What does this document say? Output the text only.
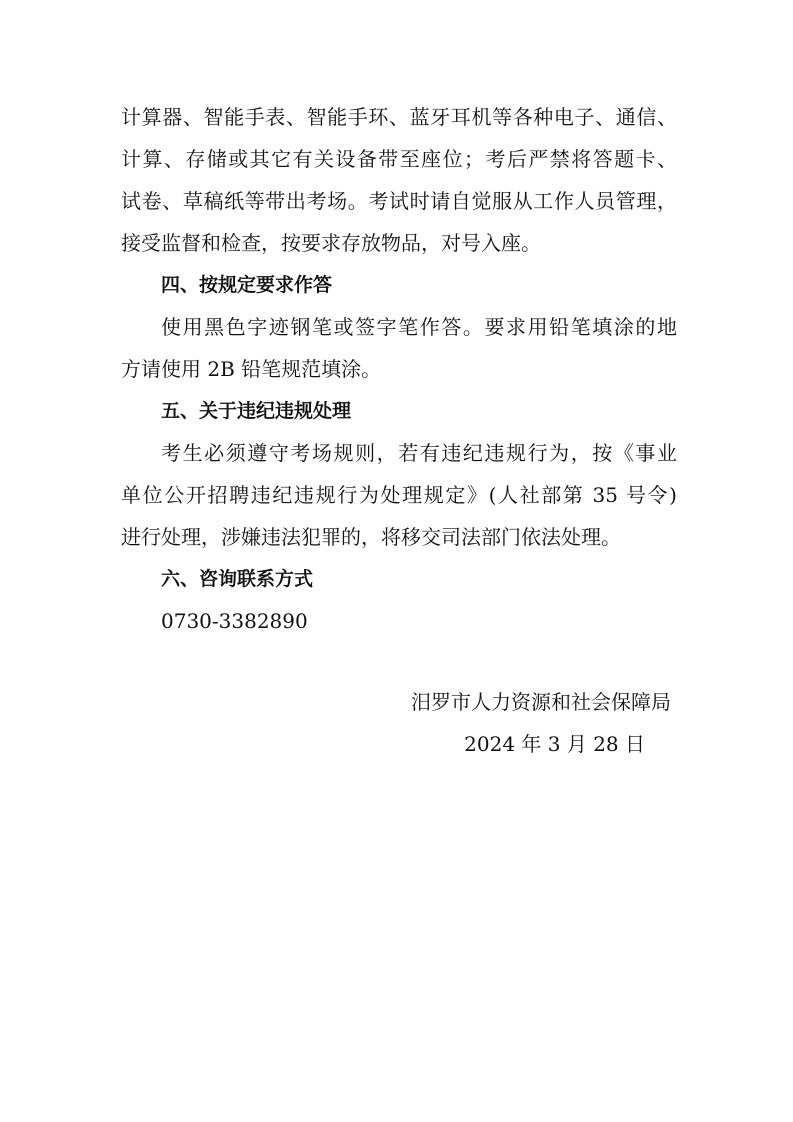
计算器、智能手表、智能手环、蓝牙耳机等各种电子、通信、
计算、存储或其它有关设备带至座位；考后严禁将答题卡、
试卷、草稿纸等带出考场。考试时请自觉服从工作人员管理，
接受监督和检查，按要求存放物品，对号入座。
四、按规定要求作答
使用黑色字迹钢笔或签字笔作答。要求用铅笔填涂的地
方请使用 2B 铅笔规范填涂。
五、关于违纪违规处理
考生必须遵守考场规则，若有违纪违规行为，按《事业
单位公开招聘违纪违规行为处理规定》(人社部第 35 号令)
进行处理，涉嫌违法犯罪的，将移交司法部门依法处理。
六、咨询联系方式
0730-3382890
汨罗市人力资源和社会保障局
2024 年 3 月 28 日
